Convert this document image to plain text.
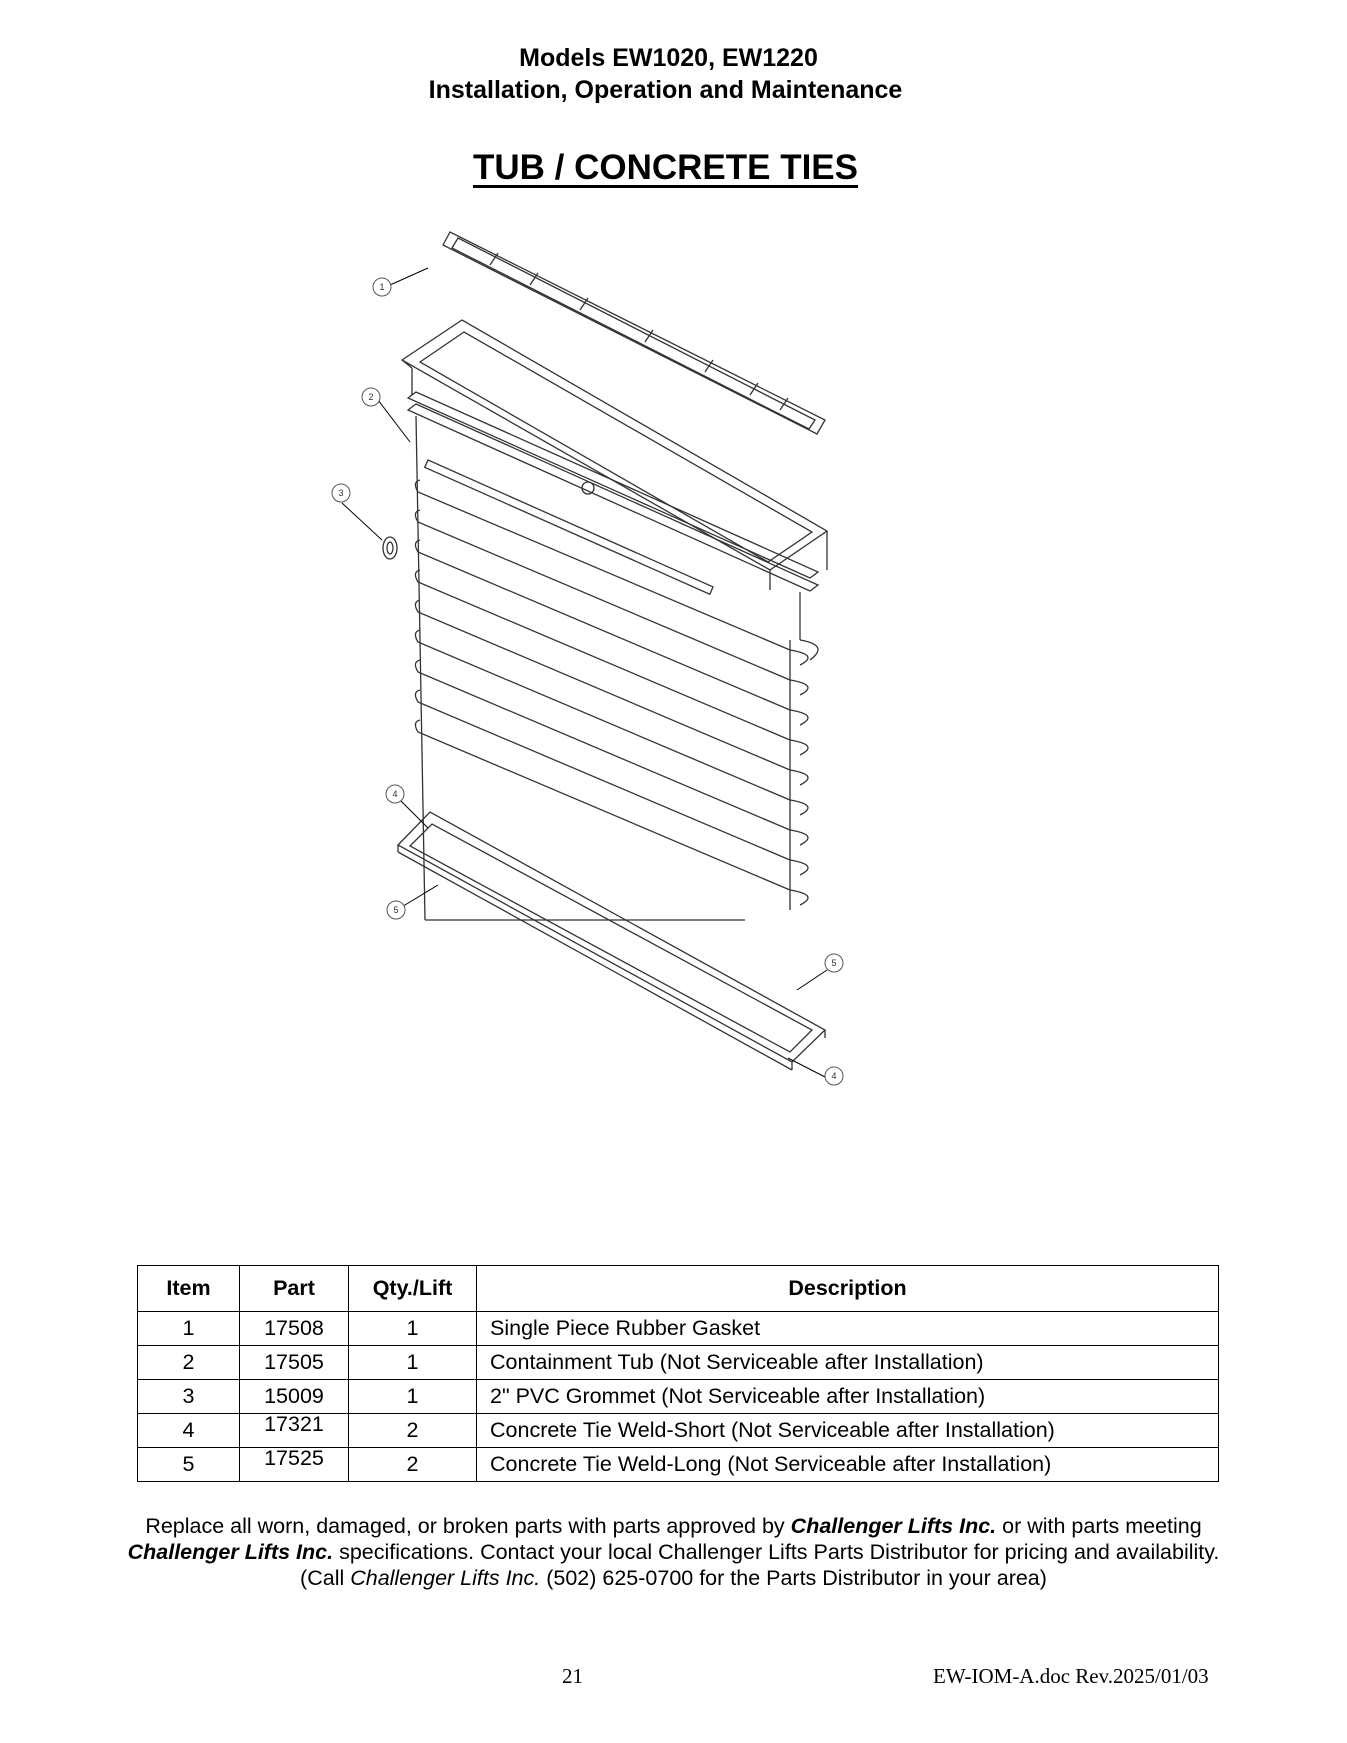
Models EW1020, EW1220
Installation, Operation and Maintenance
TUB / CONCRETE TIES
1
2
3
4
5
5
4
Item	Part	Qty./Lift	Description
1	17508	1	Single Piece Rubber Gasket
2	17505	1	Containment Tub (Not Serviceable after Installation)
3	15009	1	2" PVC Grommet (Not Serviceable after Installation)
4	17321	2	Concrete Tie Weld-Short (Not Serviceable after Installation)
5	17525	2	Concrete Tie Weld-Long (Not Serviceable after Installation)
Replace all worn, damaged, or broken parts with parts approved by Challenger Lifts Inc. or with parts meeting
Challenger Lifts Inc. specifications. Contact your local Challenger Lifts Parts Distributor for pricing and availability.
(Call Challenger Lifts Inc. (502) 625-0700 for the Parts Distributor in your area)
21	EW-IOM-A.doc Rev.2025/01/03
